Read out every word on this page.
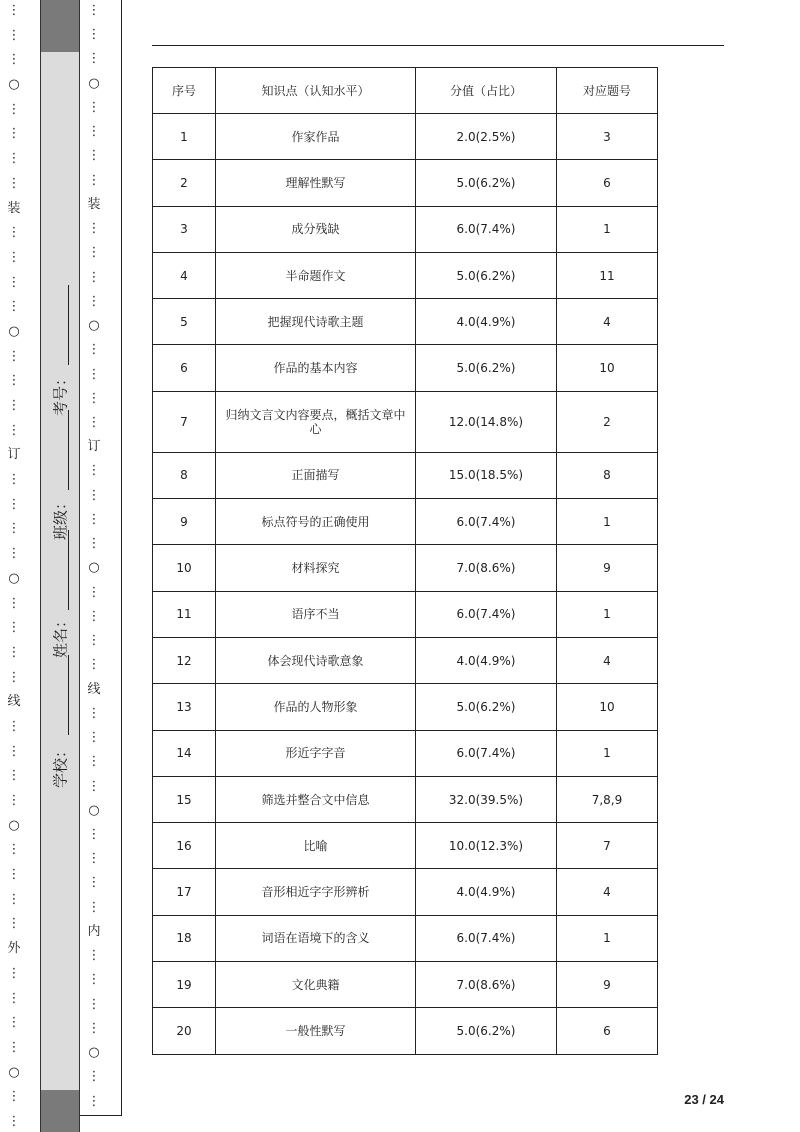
⋮
⋮
⋮
○
⋮
⋮
⋮
⋮
装
⋮
⋮
⋮
⋮
○
⋮
⋮
⋮
⋮
订
⋮
⋮
⋮
⋮
○
⋮
⋮
⋮
⋮
线
⋮
⋮
⋮
⋮
○
⋮
⋮
⋮
⋮
外
⋮
⋮
⋮
⋮
○
⋮
⋮
学校：
姓名：
班级：
考号：
⋮
⋮
⋮
○
⋮
⋮
⋮
⋮
装
⋮
⋮
⋮
⋮
○
⋮
⋮
⋮
⋮
订
⋮
⋮
⋮
⋮
○
⋮
⋮
⋮
⋮
线
⋮
⋮
⋮
⋮
○
⋮
⋮
⋮
⋮
内
⋮
⋮
⋮
⋮
○
⋮
⋮
序号	知识点（认知水平）	分值（占比）	对应题号
1	作家作品	2.0(2.5%)	3
2	理解性默写	5.0(6.2%)	6
3	成分残缺	6.0(7.4%)	1
4	半命题作文	5.0(6.2%)	11
5	把握现代诗歌主题	4.0(4.9%)	4
6	作品的基本内容	5.0(6.2%)	10
7	归纳文言文内容要点，概括文章中心	12.0(14.8%)	2
8	正面描写	15.0(18.5%)	8
9	标点符号的正确使用	6.0(7.4%)	1
10	材料探究	7.0(8.6%)	9
11	语序不当	6.0(7.4%)	1
12	体会现代诗歌意象	4.0(4.9%)	4
13	作品的人物形象	5.0(6.2%)	10
14	形近字字音	6.0(7.4%)	1
15	筛选并整合文中信息	32.0(39.5%)	7,8,9
16	比喻	10.0(12.3%)	7
17	音形相近字字形辨析	4.0(4.9%)	4
18	词语在语境下的含义	6.0(7.4%)	1
19	文化典籍	7.0(8.6%)	9
20	一般性默写	5.0(6.2%)	6
23 / 24
